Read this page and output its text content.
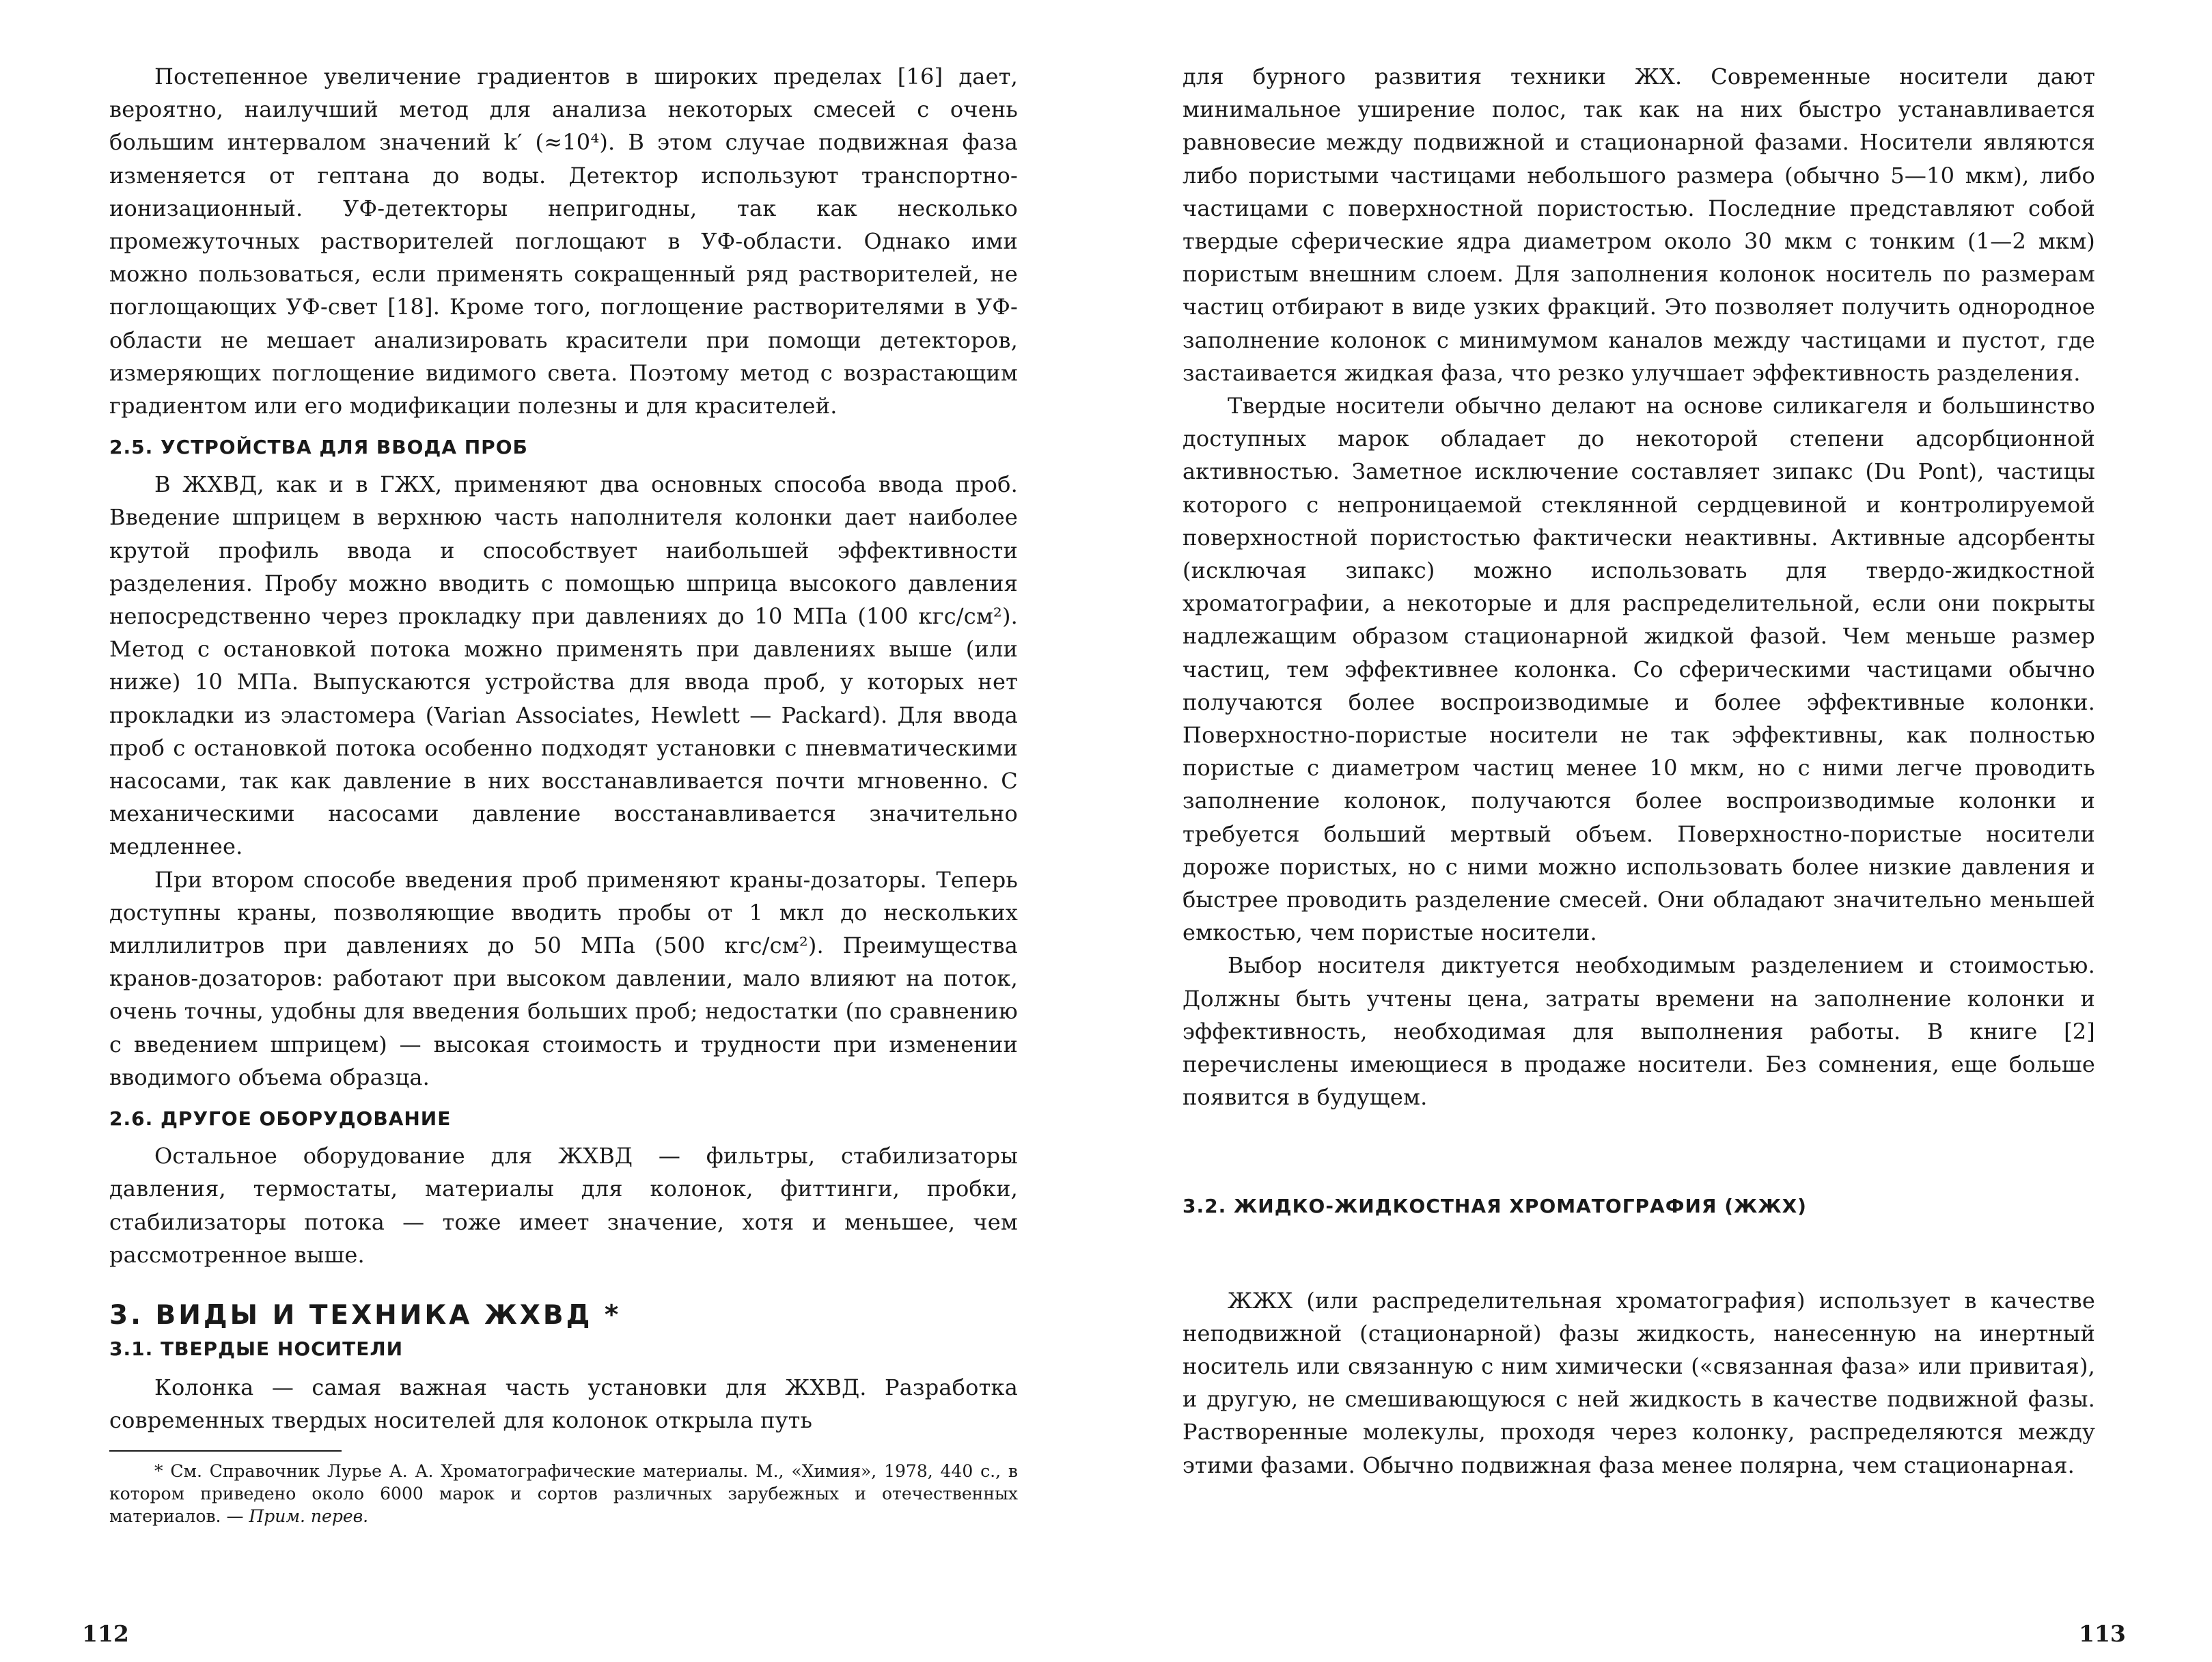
Постепенное увеличение градиентов в широких пределах [16] дает, вероятно, наилучший метод для анализа некоторых смесей с очень большим интервалом значений k′ (≈10⁴). В этом случае подвижная фаза изменяется от гептана до воды. Детектор используют транспортно-ионизационный. УФ-детекторы непригодны, так как несколько промежуточных растворителей поглощают в УФ-области. Однако ими можно пользоваться, если применять сокращенный ряд растворителей, не поглощающих УФ-свет [18]. Кроме того, поглощение растворителями в УФ-области не мешает анализировать красители при помощи детекторов, измеряющих поглощение видимого света. Поэтому метод с возрастающим градиентом или его модификации полезны и для красителей.

2.5. УСТРОЙСТВА ДЛЯ ВВОДА ПРОБ

В ЖХВД, как и в ГЖХ, применяют два основных способа ввода проб. Введение шприцем в верхнюю часть наполнителя колонки дает наиболее крутой профиль ввода и способствует наибольшей эффективности разделения. Пробу можно вводить с помощью шприца высокого давления непосредственно через прокладку при давлениях до 10 МПа (100 кгс/см²). Метод с остановкой потока можно применять при давлениях выше (или ниже) 10 МПа. Выпускаются устройства для ввода проб, у которых нет прокладки из эластомера (Varian Associates, Hewlett — Packard). Для ввода проб с остановкой потока особенно подходят установки с пневматическими насосами, так как давление в них восстанавливается почти мгновенно. С механическими насосами давление восстанавливается значительно медленнее.

При втором способе введения проб применяют краны-дозаторы. Теперь доступны краны, позволяющие вводить пробы от 1 мкл до нескольких миллилитров при давлениях до 50 МПа (500 кгс/см²). Преимущества кранов-дозаторов: работают при высоком давлении, мало влияют на поток, очень точны, удобны для введения больших проб; недостатки (по сравнению с введением шприцем) — высокая стоимость и трудности при изменении вводимого объема образца.

2.6. ДРУГОЕ ОБОРУДОВАНИЕ

Остальное оборудование для ЖХВД — фильтры, стабилизаторы давления, термостаты, материалы для колонок, фиттинги, пробки, стабилизаторы потока — тоже имеет значение, хотя и меньшее, чем рассмотренное выше.

3. ВИДЫ И ТЕХНИКА ЖХВД *
3.1. ТВЕРДЫЕ НОСИТЕЛИ

Колонка — самая важная часть установки для ЖХВД. Разработка современных твердых носителей для колонок открыла путь

* См. Справочник Лурье А. А. Хроматографические материалы. М., «Химия», 1978, 440 с., в котором приведено около 6000 марок и сортов различных зарубежных и отечественных материалов. — Прим. перев.

112

для бурного развития техники ЖХ. Современные носители дают минимальное уширение полос, так как на них быстро устанавливается равновесие между подвижной и стационарной фазами. Носители являются либо пористыми частицами небольшого размера (обычно 5—10 мкм), либо частицами с поверхностной пористостью. Последние представляют собой твердые сферические ядра диаметром около 30 мкм с тонким (1—2 мкм) пористым внешним слоем. Для заполнения колонок носитель по размерам частиц отбирают в виде узких фракций. Это позволяет получить однородное заполнение колонок с минимумом каналов между частицами и пустот, где застаивается жидкая фаза, что резко улучшает эффективность разделения.

Твердые носители обычно делают на основе силикагеля и большинство доступных марок обладает до некоторой степени адсорбционной активностью. Заметное исключение составляет зипакс (Du Pont), частицы которого с непроницаемой стеклянной сердцевиной и контролируемой поверхностной пористостью фактически неактивны. Активные адсорбенты (исключая зипакс) можно использовать для твердо-жидкостной хроматографии, а некоторые и для распределительной, если они покрыты надлежащим образом стационарной жидкой фазой. Чем меньше размер частиц, тем эффективнее колонка. Со сферическими частицами обычно получаются более воспроизводимые и более эффективные колонки. Поверхностно-пористые носители не так эффективны, как полностью пористые с диаметром частиц менее 10 мкм, но с ними легче проводить заполнение колонок, получаются более воспроизводимые колонки и требуется больший мертвый объем. Поверхностно-пористые носители дороже пористых, но с ними можно использовать более низкие давления и быстрее проводить разделение смесей. Они обладают значительно меньшей емкостью, чем пористые носители.

Выбор носителя диктуется необходимым разделением и стоимостью. Должны быть учтены цена, затраты времени на заполнение колонки и эффективность, необходимая для выполнения работы. В книге [2] перечислены имеющиеся в продаже носители. Без сомнения, еще больше появится в будущем.

3.2. ЖИДКО-ЖИДКОСТНАЯ ХРОМАТОГРАФИЯ (ЖЖХ)

ЖЖХ (или распределительная хроматография) использует в качестве неподвижной (стационарной) фазы жидкость, нанесенную на инертный носитель или связанную с ним химически («связанная фаза» или привитая), и другую, не смешивающуюся с ней жидкость в качестве подвижной фазы. Растворенные молекулы, проходя через колонку, распределяются между этими фазами. Обычно подвижная фаза менее полярна, чем стационарная.

113
